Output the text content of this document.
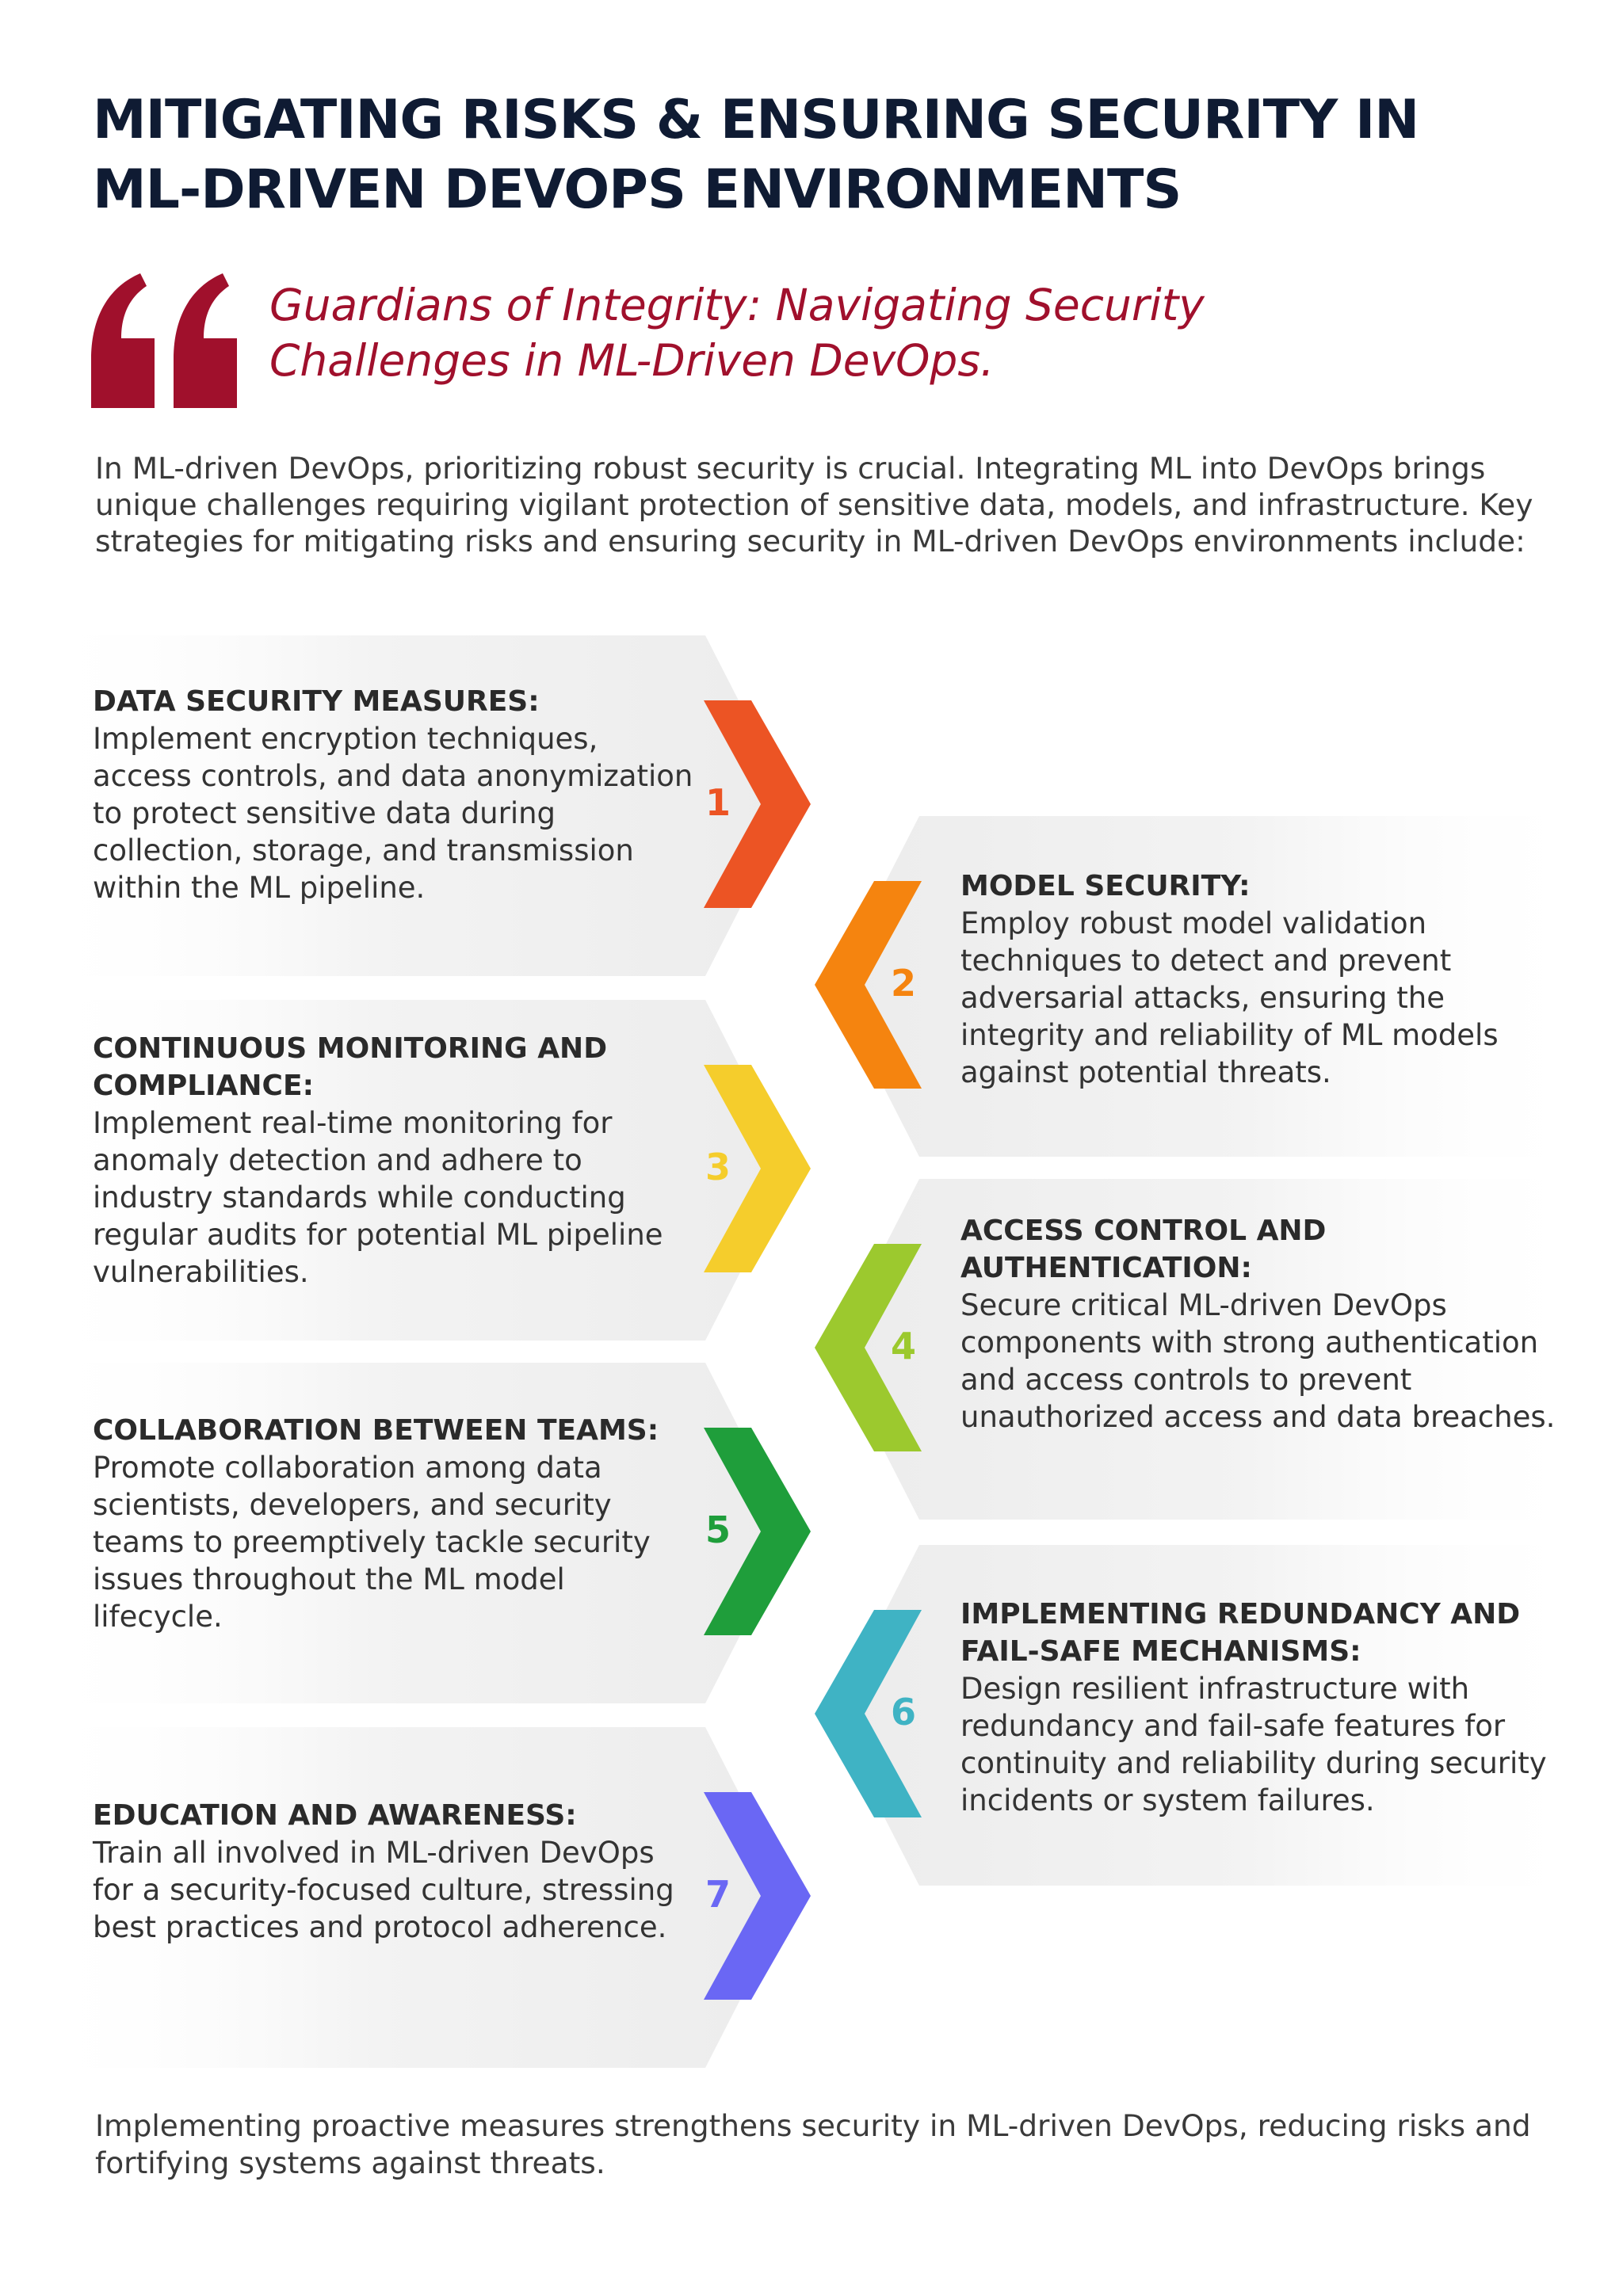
MITIGATING RISKS & ENSURING SECURITY IN
ML-DRIVEN DEVOPS ENVIRONMENTS
Guardians of Integrity: Navigating Security
Challenges in ML-Driven DevOps.
In ML-driven DevOps, prioritizing robust security is crucial. Integrating ML into DevOps brings unique challenges requiring vigilant protection of sensitive data, models, and infrastructure. Key strategies for mitigating risks and ensuring security in ML-driven DevOps environments include:
1
DATA SECURITY MEASURES:
Implement encryption techniques, access controls, and data anonymization to protect sensitive data during collection, storage, and transmission within the ML pipeline.
2
MODEL SECURITY:
Employ robust model validation techniques to detect and prevent adversarial attacks, ensuring the integrity and reliability of ML models against potential threats.
3
CONTINUOUS MONITORING AND COMPLIANCE:
Implement real-time monitoring for anomaly detection and adhere to industry standards while conducting regular audits for potential ML pipeline vulnerabilities.
4
ACCESS CONTROL AND AUTHENTICATION:
Secure critical ML-driven DevOps components with strong authentication and access controls to prevent unauthorized access and data breaches.
5
COLLABORATION BETWEEN TEAMS:
Promote collaboration among data scientists, developers, and security teams to preemptively tackle security issues throughout the ML model lifecycle.
6
IMPLEMENTING REDUNDANCY AND FAIL-SAFE MECHANISMS:
Design resilient infrastructure with redundancy and fail-safe features for continuity and reliability during security incidents or system failures.
7
EDUCATION AND AWARENESS:
Train all involved in ML-driven DevOps for a security-focused culture, stressing best practices and protocol adherence.
Implementing proactive measures strengthens security in ML-driven DevOps, reducing risks and fortifying systems against threats.
